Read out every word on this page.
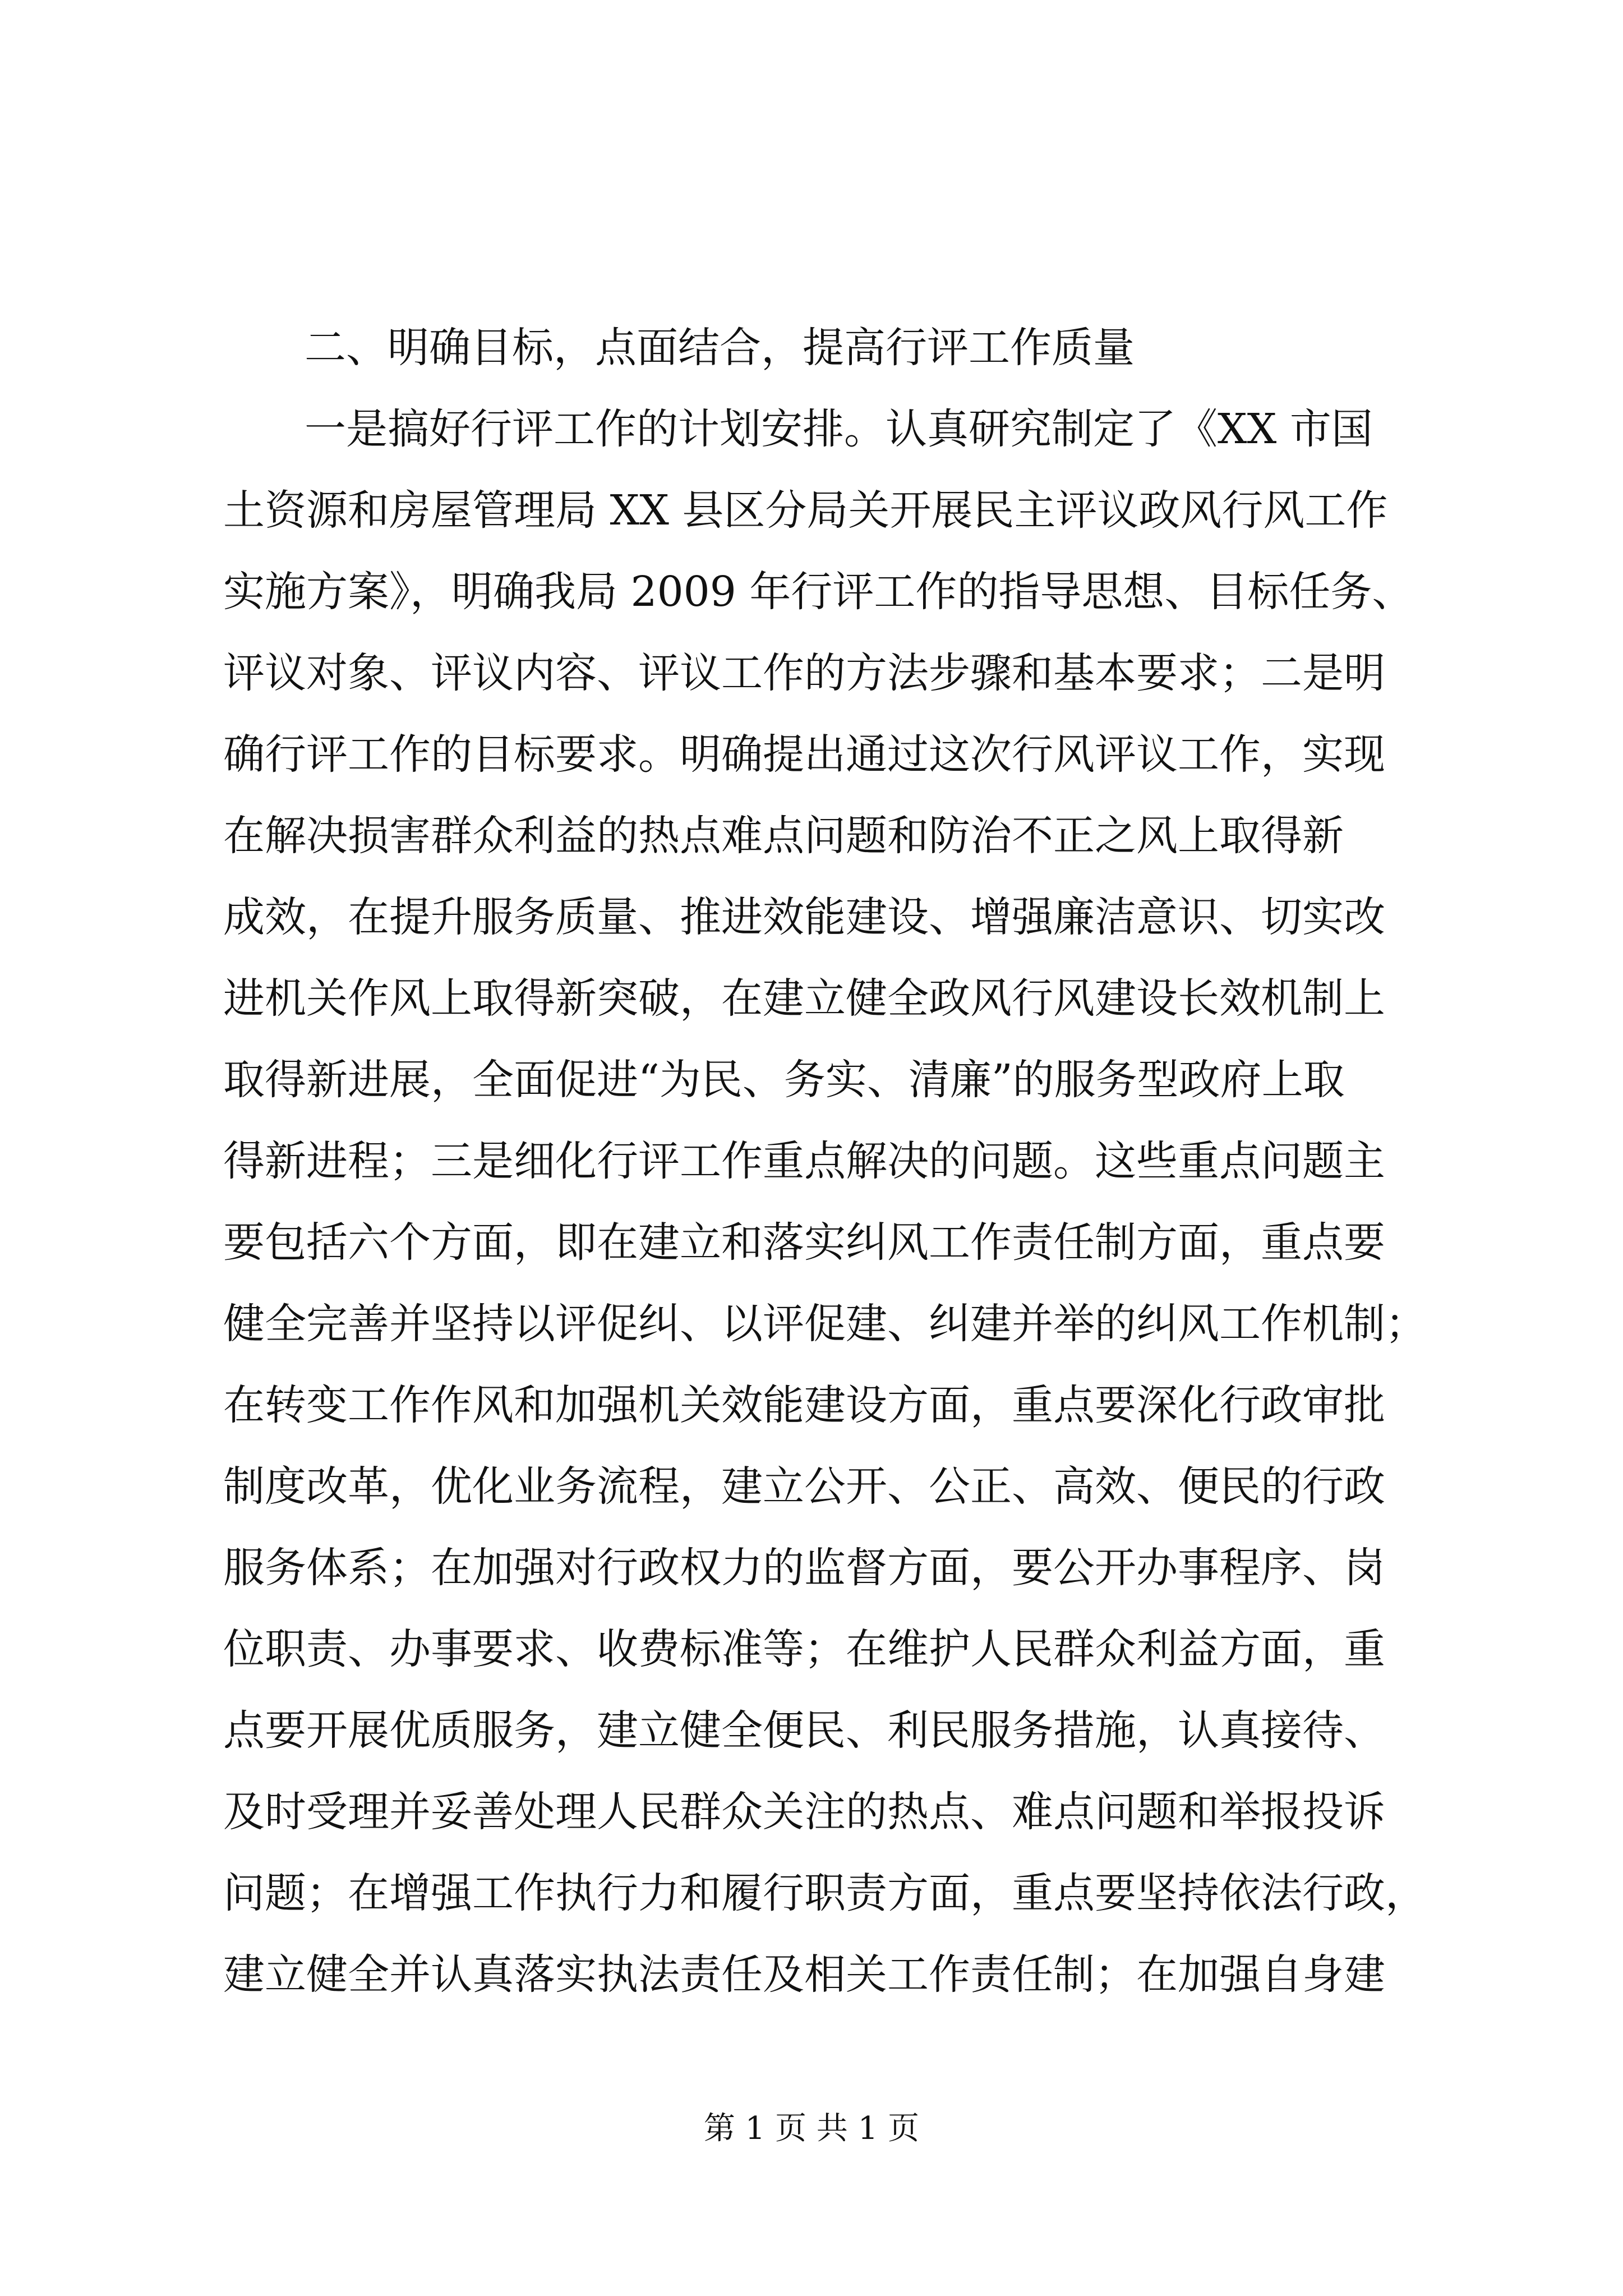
二、明确目标，点面结合，提高行评工作质量

一是搞好行评工作的计划安排。认真研究制定了《XX 市国

土资源和房屋管理局 XX 县区分局关开展民主评议政风行风工作

实施方案》，明确我局 2009 年行评工作的指导思想、目标任务、

评议对象、评议内容、评议工作的方法步骤和基本要求；二是明

确行评工作的目标要求。明确提出通过这次行风评议工作，实现

在解决损害群众利益的热点难点问题和防治不正之风上取得新

成效，在提升服务质量、推进效能建设、增强廉洁意识、切实改

进机关作风上取得新突破，在建立健全政风行风建设长效机制上

取得新进展，全面促进“为民、务实、清廉”的服务型政府上取

得新进程；三是细化行评工作重点解决的问题。这些重点问题主

要包括六个方面，即在建立和落实纠风工作责任制方面，重点要

健全完善并坚持以评促纠、以评促建、纠建并举的纠风工作机制；

在转变工作作风和加强机关效能建设方面，重点要深化行政审批

制度改革，优化业务流程，建立公开、公正、高效、便民的行政

服务体系；在加强对行政权力的监督方面，要公开办事程序、岗

位职责、办事要求、收费标准等；在维护人民群众利益方面，重

点要开展优质服务，建立健全便民、利民服务措施，认真接待、

及时受理并妥善处理人民群众关注的热点、难点问题和举报投诉

问题；在增强工作执行力和履行职责方面，重点要坚持依法行政，

建立健全并认真落实执法责任及相关工作责任制；在加强自身建

第 1 页 共 1 页
